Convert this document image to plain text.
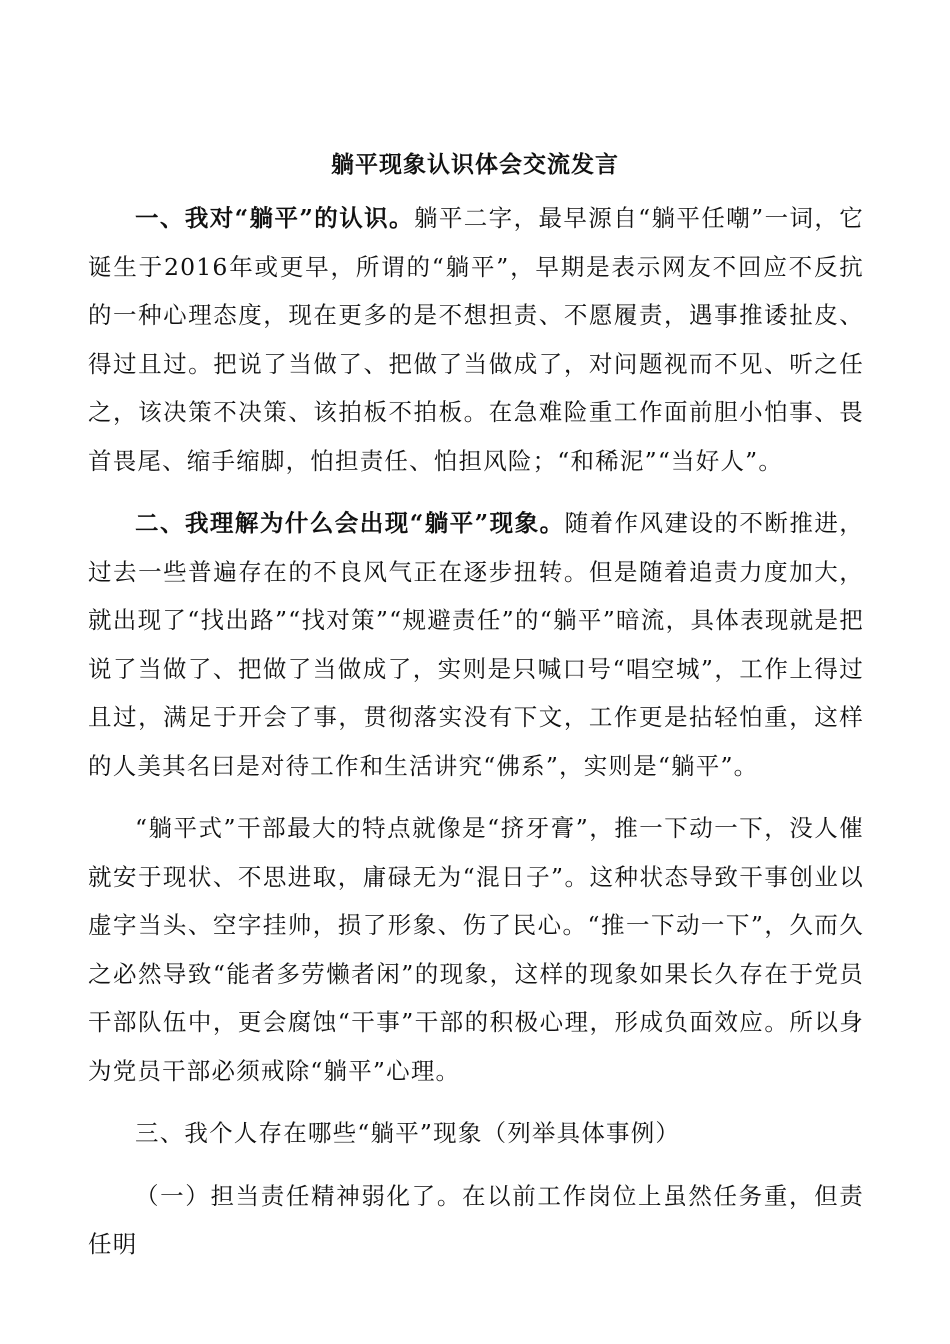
躺平现象认识体会交流发言

一、我对“躺平”的认识。躺平二字，最早源自“躺平任嘲”一词，它诞生于2016年或更早，所谓的“躺平”，早期是表示网友不回应不反抗的一种心理态度，现在更多的是不想担责、不愿履责，遇事推诿扯皮、得过且过。把说了当做了、把做了当做成了，对问题视而不见、听之任之，该决策不决策、该拍板不拍板。在急难险重工作面前胆小怕事、畏首畏尾、缩手缩脚，怕担责任、怕担风险；“和稀泥”“当好人”。

二、我理解为什么会出现“躺平”现象。随着作风建设的不断推进，过去一些普遍存在的不良风气正在逐步扭转。但是随着追责力度加大，就出现了“找出路”“找对策”“规避责任”的“躺平”暗流，具体表现就是把说了当做了、把做了当做成了，实则是只喊口号“唱空城”，工作上得过且过，满足于开会了事，贯彻落实没有下文，工作更是拈轻怕重，这样的人美其名曰是对待工作和生活讲究“佛系”，实则是“躺平”。

“躺平式”干部最大的特点就像是“挤牙膏”，推一下动一下，没人催就安于现状、不思进取，庸碌无为“混日子”。这种状态导致干事创业以虚字当头、空字挂帅，损了形象、伤了民心。“推一下动一下”，久而久之必然导致“能者多劳懒者闲”的现象，这样的现象如果长久存在于党员干部队伍中，更会腐蚀“干事”干部的积极心理，形成负面效应。所以身为党员干部必须戒除“躺平”心理。

三、我个人存在哪些“躺平”现象（列举具体事例）

（一）担当责任精神弱化了。在以前工作岗位上虽然任务重，但责任明
